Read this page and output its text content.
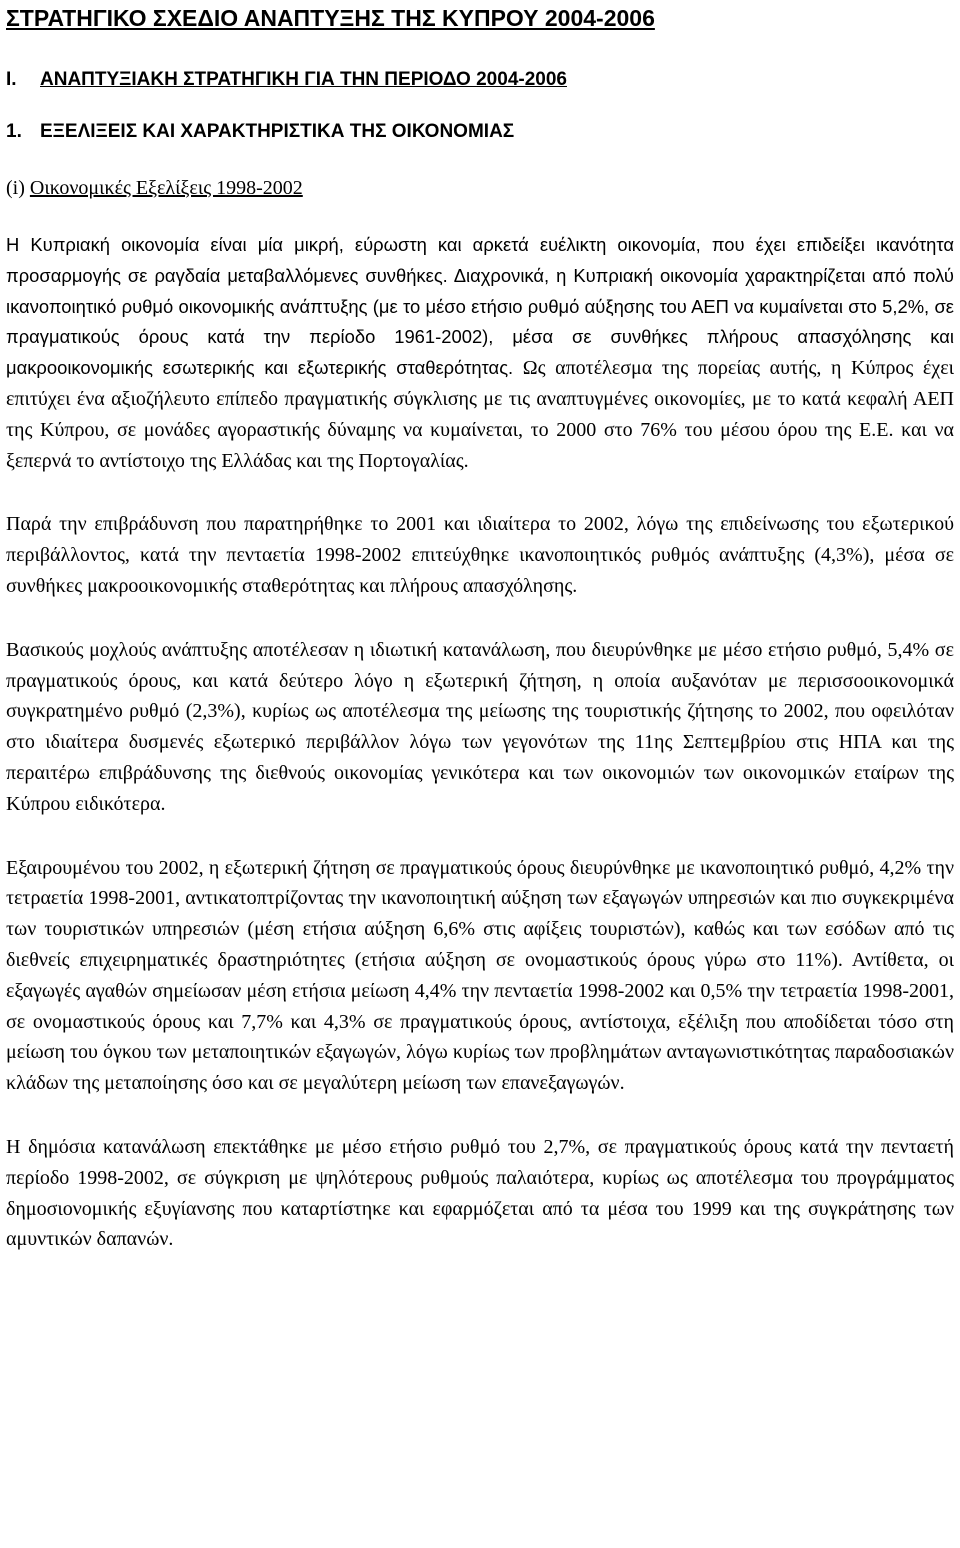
ΣΤΡΑΤΗΓΙΚΟ ΣΧΕΔΙΟ ΑΝΑΠΤΥΞΗΣ ΤΗΣ ΚΥΠΡΟΥ 2004-2006
I. ΑΝΑΠΤΥΞΙΑΚΗ ΣΤΡΑΤΗΓΙΚΗ ΓΙΑ ΤΗΝ ΠΕΡΙΟΔΟ 2004-2006
1. ΕΞΕΛΙΞΕΙΣ ΚΑΙ ΧΑΡΑΚΤΗΡΙΣΤΙΚΑ ΤΗΣ ΟΙΚΟΝΟΜΙΑΣ
(i) Οικονομικές Εξελίξεις 1998-2002

Η Κυπριακή οικονομία είναι μία μικρή, εύρωστη και αρκετά ευέλικτη οικονομία, που έχει επιδείξει ικανότητα προσαρμογής σε ραγδαία μεταβαλλόμενες συνθήκες. Διαχρονικά, η Κυπριακή οικονομία χαρακτηρίζεται από πολύ ικανοποιητικό ρυθμό οικονομικής ανάπτυξης (με το μέσο ετήσιο ρυθμό αύξησης του ΑΕΠ να κυμαίνεται στο 5,2%, σε πραγματικούς όρους κατά την περίοδο 1961-2002), μέσα σε συνθήκες πλήρους απασχόλησης και μακροοικονομικής εσωτερικής και εξωτερικής σταθερότητας. Ως αποτέλεσμα της πορείας αυτής, η Κύπρος έχει επιτύχει ένα αξιοζήλευτο επίπεδο πραγματικής σύγκλισης με τις αναπτυγμένες οικονομίες, με το κατά κεφαλή ΑΕΠ της Κύπρου, σε μονάδες αγοραστικής δύναμης να κυμαίνεται, το 2000 στο 76% του μέσου όρου της Ε.Ε. και να ξεπερνά το αντίστοιχο της Ελλάδας και της Πορτογαλίας.

Παρά την επιβράδυνση που παρατηρήθηκε το 2001 και ιδιαίτερα το 2002, λόγω της επιδείνωσης του εξωτερικού περιβάλλοντος, κατά την πενταετία 1998-2002 επιτεύχθηκε ικανοποιητικός ρυθμός ανάπτυξης (4,3%), μέσα σε συνθήκες μακροοικονομικής σταθερότητας και πλήρους απασχόλησης.

Βασικούς μοχλούς ανάπτυξης αποτέλεσαν η ιδιωτική κατανάλωση, που διευρύνθηκε με μέσο ετήσιο ρυθμό, 5,4% σε πραγματικούς όρους, και κατά δεύτερο λόγο η εξωτερική ζήτηση, η οποία αυξανόταν με περισσοοικονομικά συγκρατημένο ρυθμό (2,3%), κυρίως ως αποτέλεσμα της μείωσης της τουριστικής ζήτησης το 2002, που οφειλόταν στο ιδιαίτερα δυσμενές εξωτερικό περιβάλλον λόγω των γεγονότων της 11ης Σεπτεμβρίου στις ΗΠΑ και της περαιτέρω επιβράδυνσης της διεθνούς οικονομίας γενικότερα και των οικονομιών των οικονομικών εταίρων της Κύπρου ειδικότερα.

Εξαιρουμένου του 2002, η εξωτερική ζήτηση σε πραγματικούς όρους διευρύνθηκε με ικανοποιητικό ρυθμό, 4,2% την τετραετία 1998-2001, αντικατοπτρίζοντας την ικανοποιητική αύξηση των εξαγωγών υπηρεσιών και πιο συγκεκριμένα των τουριστικών υπηρεσιών (μέση ετήσια αύξηση 6,6% στις αφίξεις τουριστών), καθώς και των εσόδων από τις διεθνείς επιχειρηματικές δραστηριότητες (ετήσια αύξηση σε ονομαστικούς όρους γύρω στο 11%). Αντίθετα, οι εξαγωγές αγαθών σημείωσαν μέση ετήσια μείωση 4,4% την πενταετία 1998-2002 και 0,5% την τετραετία 1998-2001, σε ονομαστικούς όρους και 7,7% και 4,3% σε πραγματικούς όρους, αντίστοιχα, εξέλιξη που αποδίδεται τόσο στη μείωση του όγκου των μεταποιητικών εξαγωγών, λόγω κυρίως των προβλημάτων ανταγωνιστικότητας παραδοσιακών κλάδων της μεταποίησης όσο και σε μεγαλύτερη μείωση των επανεξαγωγών.

Η δημόσια κατανάλωση επεκτάθηκε με μέσο ετήσιο ρυθμό του 2,7%, σε πραγματικούς όρους κατά την πενταετή περίοδο 1998-2002, σε σύγκριση με ψηλότερους ρυθμούς παλαιότερα, κυρίως ως αποτέλεσμα του προγράμματος δημοσιονομικής εξυγίανσης που καταρτίστηκε και εφαρμόζεται από τα μέσα του 1999 και της συγκράτησης των αμυντικών δαπανών.
